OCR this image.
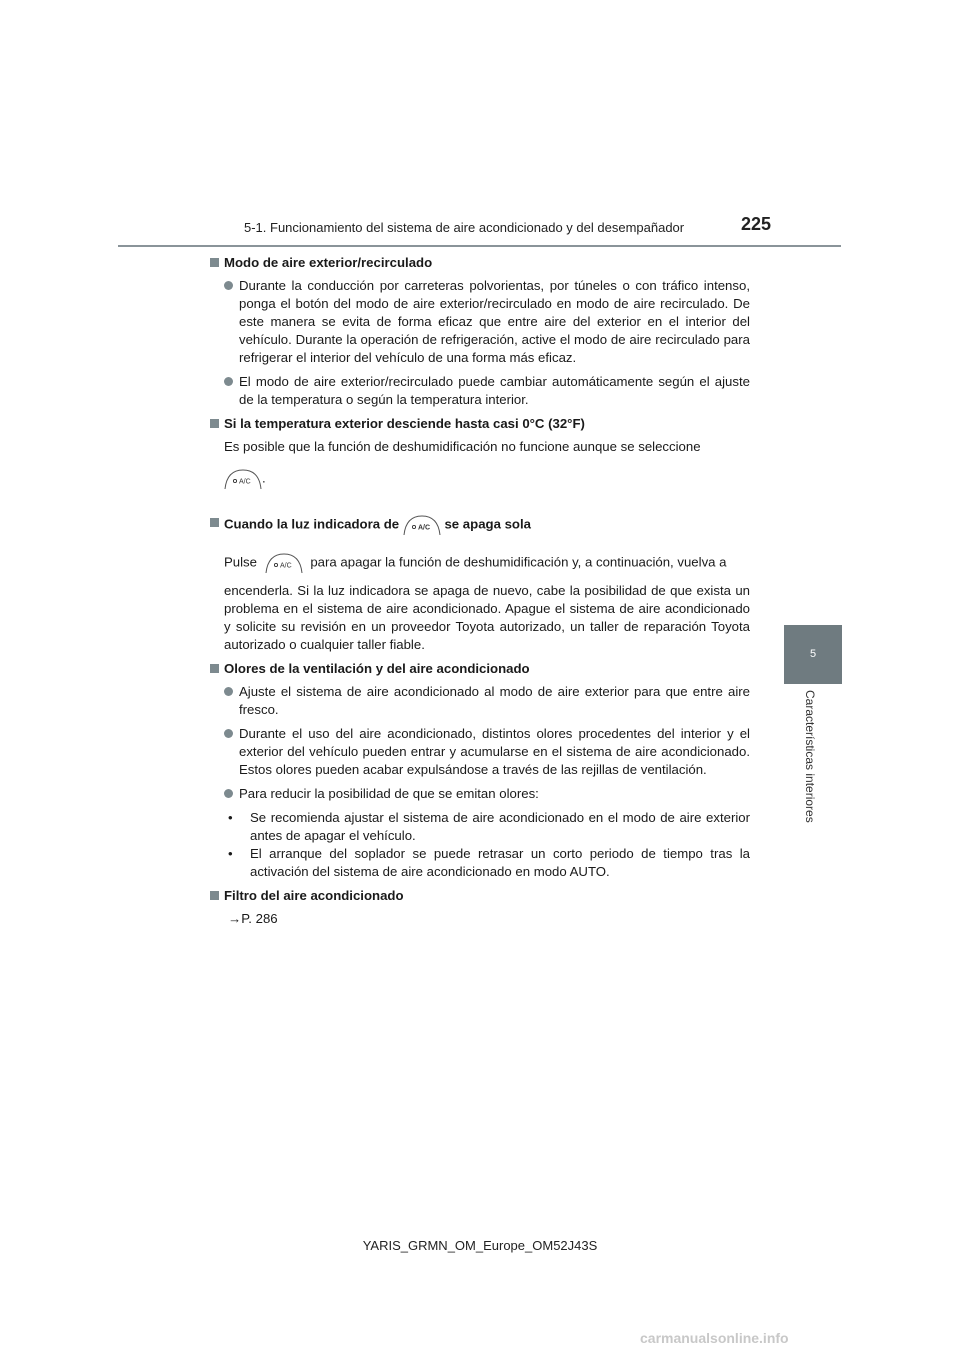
5-1. Funcionamiento del sistema de aire acondicionado y del desempañador	225
5
Características interiores
Modo de aire exterior/recirculado
Durante la conducción por carreteras polvorientas, por túneles o con tráfico intenso, ponga el botón del modo de aire exterior/recirculado en modo de aire recirculado. De este manera se evita de forma eficaz que entre aire del exterior en el interior del vehículo. Durante la operación de refrigeración, active el modo de aire recirculado para refrigerar el interior del vehículo de una forma más eficaz.
El modo de aire exterior/recirculado puede cambiar automáticamente según el ajuste de la temperatura o según la temperatura interior.
Si la temperatura exterior desciende hasta casi 0°C (32°F)
Es posible que la función de deshumidificación no funcione aunque se seleccione
A/C .
Cuando la luz indicadora de	A/C se apaga sola
Pulse	A/C para apagar la función de deshumidificación y, a continuación, vuelva a
encenderla. Si la luz indicadora se apaga de nuevo, cabe la posibilidad de que exista un problema en el sistema de aire acondicionado. Apague el sistema de aire acondicionado y solicite su revisión en un proveedor Toyota autorizado, un taller de reparación Toyota autorizado o cualquier taller fiable.
Olores de la ventilación y del aire acondicionado
Ajuste el sistema de aire acondicionado al modo de aire exterior para que entre aire fresco.
Durante el uso del aire acondicionado, distintos olores procedentes del interior y el exterior del vehículo pueden entrar y acumularse en el sistema de aire acondicionado. Estos olores pueden acabar expulsándose a través de las rejillas de ventilación.
Para reducir la posibilidad de que se emitan olores:
• Se recomienda ajustar el sistema de aire acondicionado en el modo de aire exterior antes de apagar el vehículo.
• El arranque del soplador se puede retrasar un corto periodo de tiempo tras la activación del sistema de aire acondicionado en modo AUTO.
Filtro del aire acondicionado
→P. 286
YARIS_GRMN_OM_Europe_OM52J43S
carmanualsonline.info
